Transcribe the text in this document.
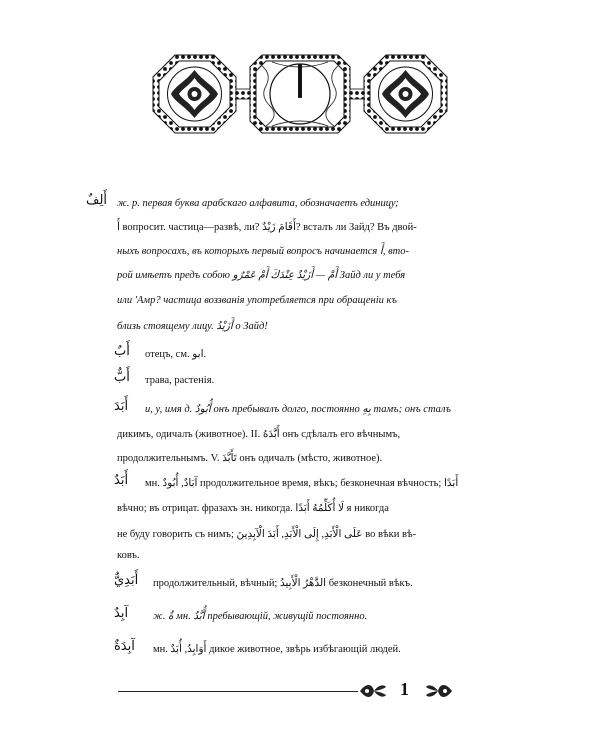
ا
أَلِفٌ ж. р. первая буква арабскаго алфавита, обозначаетъ единицу;
أَ вопросит. частица—развѣ, ли? أَقَامَ زَيْدٌ? всталъ ли Зайд? Въ двой-
ныхъ вопросахъ, въ которыхъ первый вопросъ начинается أَ, вто-
рой имѣетъ предъ собою أَمْ — أَزَيْدٌ عِنْدَكَ أَمْ عَمْرٌو Зайд ли у тебя
или 'Амр? частица воззванія употребляется при обращеніи къ
близь стоящему лицу. أَزَيْدُ о Зайд!
أَبٌ отецъ, см. ابو.
أَبٌّ трава, растенія.
أَبَدَ и, у, имя д. أُبُودٌ онъ пребывалъ долго, постоянно بِهِ тамъ; онъ сталъ
дикимъ, одичалъ (животное). II. أَبَّدَهُ онъ сдѣлалъ его вѣчнымъ,
продолжительнымъ. V. تَأَبَّدَ онъ одичалъ (мѣсто, животное).
أَبَدٌ мн. آبَادٌ, أُبُودٌ продолжительное время, вѣкъ; безконечная вѣчность; أَبَدًا
вѣчно; въ отрицат. фразахъ зн. никогда. لَا أُكَلِّمُهُ أَبَدًا я никогда
не буду говорить съ нимъ; عَلَى الْأَبَدِ, إِلَى الْأَبَدِ, أَبَدَ الْآبِدِينَ во вѣки вѣ-
ковъ.
أَبَدِيٌّ продолжительный, вѣчный; الدَّهْرُ الْأَبِيدُ безконечный вѣкъ.
آبِدٌ ж. ةٌ мн. أُبَّدٌ пребывающій, живущій постоянно.
آبِدَةٌ мн. أَوَابِدُ, أُبَدٌ дикое животное, звѣрь избѣгающій людей.
1
